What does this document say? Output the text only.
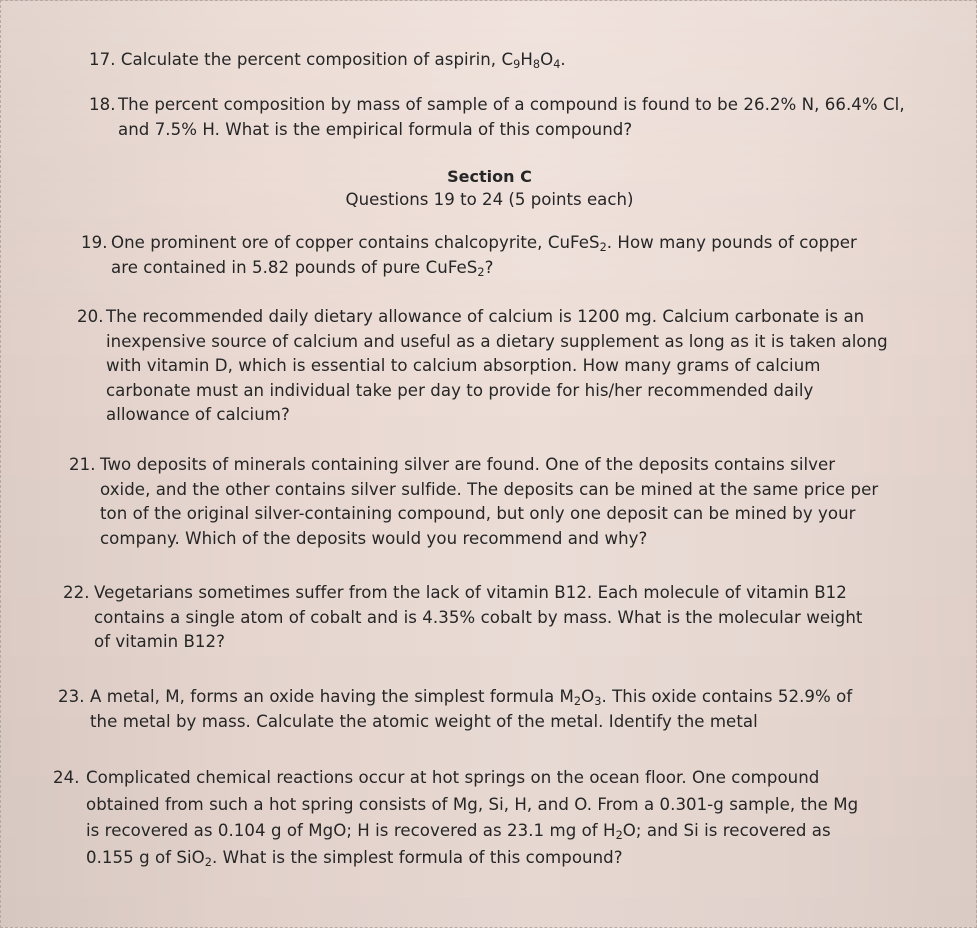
17. Calculate the percent composition of aspirin, $C_9H_8O_4$.
18. The percent composition by mass of sample of a compound is found to be 26.2% N, 66.4% Cl,
and 7.5% H. What is the empirical formula of this compound?
Section C
Questions 19 to 24 (5 points each)
19. One prominent ore of copper contains chalcopyrite, CuFeS$_2$. How many pounds of copper
are contained in 5.82 pounds of pure CuFeS$_2$?
20. The recommended daily dietary allowance of calcium is 1200 mg. Calcium carbonate is an
inexpensive source of calcium and useful as a dietary supplement as long as it is taken along
with vitamin D, which is essential to calcium absorption. How many grams of calcium
carbonate must an individual take per day to provide for his/her recommended daily
allowance of calcium?
21. Two deposits of minerals containing silver are found. One of the deposits contains silver
oxide, and the other contains silver sulfide. The deposits can be mined at the same price per
ton of the original silver-containing compound, but only one deposit can be mined by your
company. Which of the deposits would you recommend and why?
22. Vegetarians sometimes suffer from the lack of vitamin B12. Each molecule of vitamin B12
contains a single atom of cobalt and is 4.35% cobalt by mass. What is the molecular weight
of vitamin B12?
23. A metal, M, forms an oxide having the simplest formula $M_2O_3$. This oxide contains 52.9% of
the metal by mass. Calculate the atomic weight of the metal. Identify the metal
24. Complicated chemical reactions occur at hot springs on the ocean floor. One compound
obtained from such a hot spring consists of Mg, Si, H, and O. From a 0.301-g sample, the Mg
is recovered as 0.104 g of MgO; H is recovered as 23.1 mg of $H_2O$; and Si is recovered as
0.155 g of SiO$_2$. What is the simplest formula of this compound?
